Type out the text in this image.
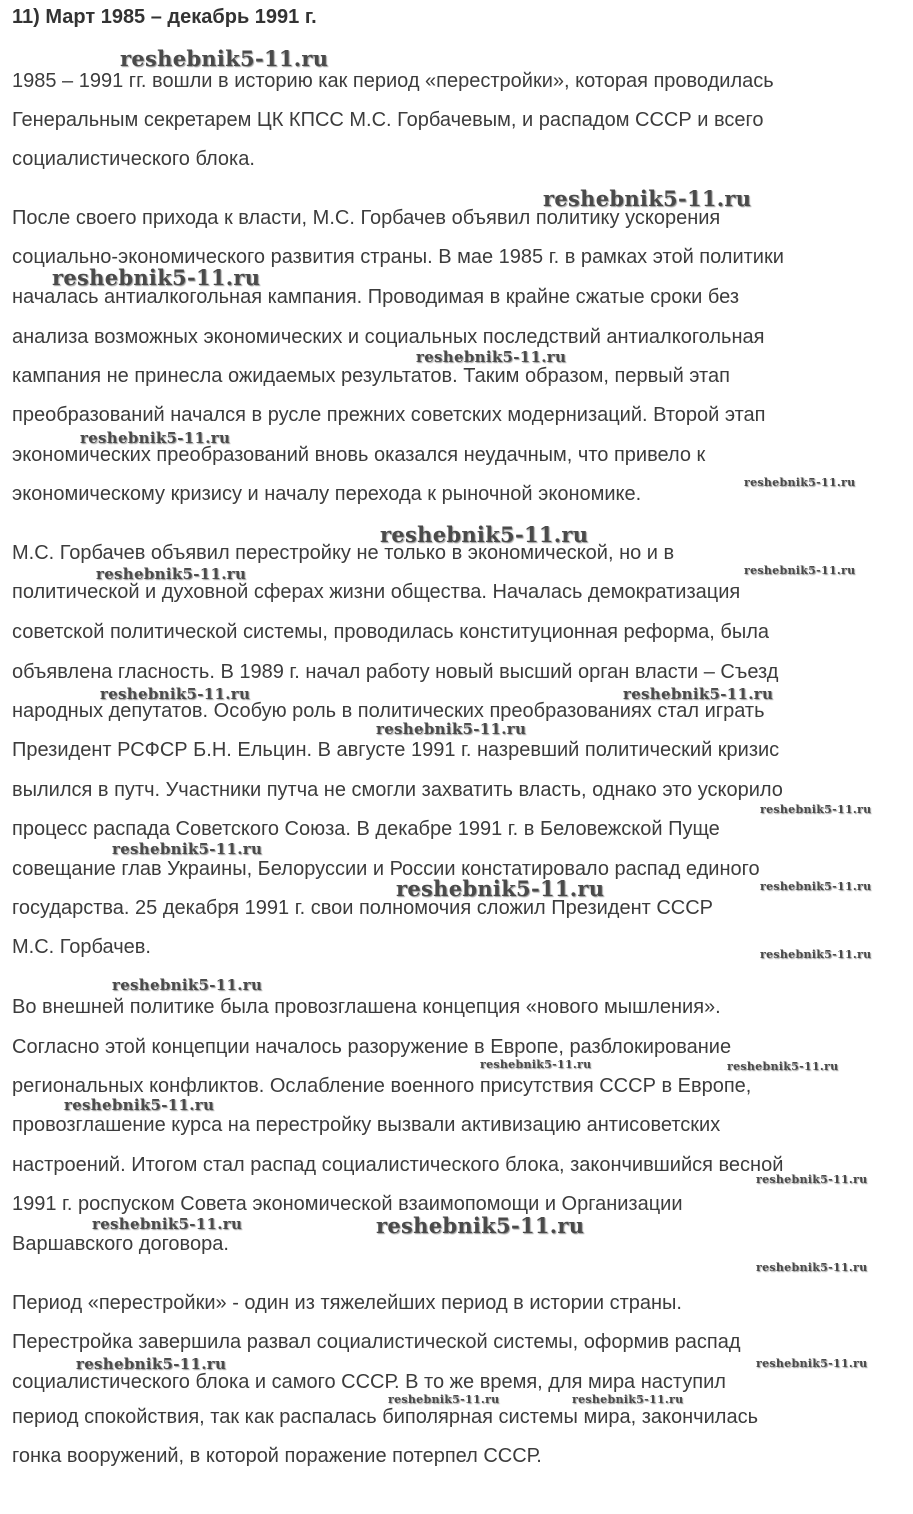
11) Март 1985 – декабрь 1991 г.
1985 – 1991 гг. вошли в историю как период «перестройки», которая проводилась
Генеральным секретарем ЦК КПСС М.С. Горбачевым, и распадом СССР и всего
социалистического блока.
После своего прихода к власти, М.С. Горбачев объявил политику ускорения
социально-экономического развития страны. В мае 1985 г. в рамках этой политики
началась антиалкогольная кампания. Проводимая в крайне сжатые сроки без
анализа возможных экономических и социальных последствий антиалкогольная
кампания не принесла ожидаемых результатов. Таким образом, первый этап
преобразований начался в русле прежних советских модернизаций. Второй этап
экономических преобразований вновь оказался неудачным, что привело к
экономическому кризису и началу перехода к рыночной экономике.
М.С. Горбачев объявил перестройку не только в экономической, но и в
политической и духовной сферах жизни общества. Началась демократизация
советской политической системы, проводилась конституционная реформа, была
объявлена гласность. В 1989 г. начал работу новый высший орган власти – Съезд
народных депутатов. Особую роль в политических преобразованиях стал играть
Президент РСФСР Б.Н. Ельцин. В августе 1991 г. назревший политический кризис
вылился в путч. Участники путча не смогли захватить власть, однако это ускорило
процесс распада Советского Союза. В декабре 1991 г. в Беловежской Пуще
совещание глав Украины, Белоруссии и России констатировало распад единого
государства. 25 декабря 1991 г. свои полномочия сложил Президент СССР
М.С. Горбачев.
Во внешней политике была провозглашена концепция «нового мышления».
Согласно этой концепции началось разоружение в Европе, разблокирование
региональных конфликтов. Ослабление военного присутствия СССР в Европе,
провозглашение курса на перестройку вызвали активизацию антисоветских
настроений. Итогом стал распад социалистического блока, закончившийся весной
1991 г. роспуском Совета экономической взаимопомощи и Организации
Варшавского договора.
Период «перестройки» - один из тяжелейших период в истории страны.
Перестройка завершила развал социалистической системы, оформив распад
социалистического блока и самого СССР. В то же время, для мира наступил
период спокойствия, так как распалась биполярная системы мира, закончилась
гонка вооружений, в которой поражение потерпел СССР.
reshebnik5-11.ru
reshebnik5-11.ru
reshebnik5-11.ru
reshebnik5-11.ru
reshebnik5-11.ru
reshebnik5-11.ru
reshebnik5-11.ru
reshebnik5-11.ru	reshebnik5-11.ru
reshebnik5-11.ru	reshebnik5-11.ru
reshebnik5-11.ru
reshebnik5-11.ru
reshebnik5-11.ru
reshebnik5-11.ru	reshebnik5-11.ru
reshebnik5-11.ru
reshebnik5-11.ru
reshebnik5-11.ru	reshebnik5-11.ru
reshebnik5-11.ru
reshebnik5-11.ru
reshebnik5-11.ru	reshebnik5-11.ru
reshebnik5-11.ru
reshebnik5-11.ru	reshebnik5-11.ru
reshebnik5-11.ru	reshebnik5-11.ru
